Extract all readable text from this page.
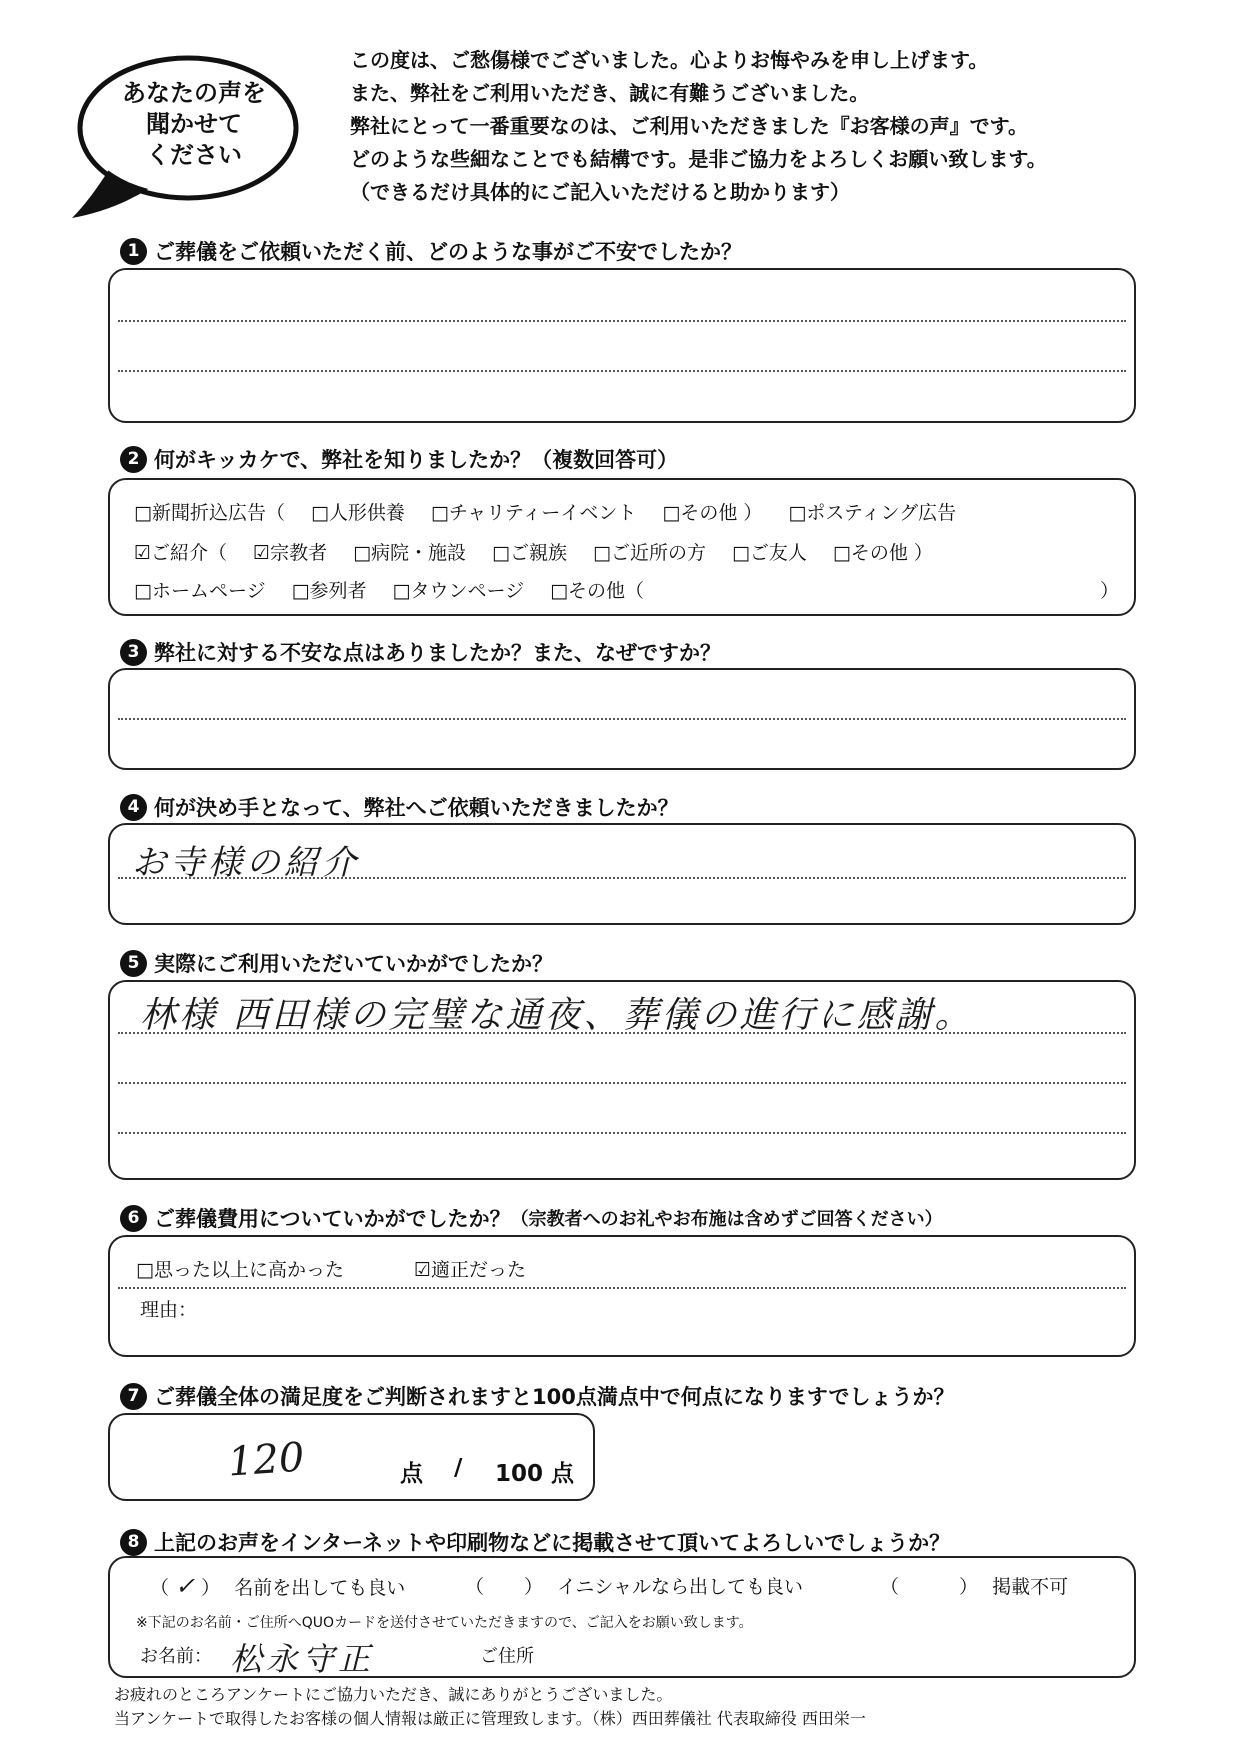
あなたの声を
聞かせて
ください
この度は、ご愁傷様でございました。心よりお悔やみを申し上げます。
また、弊社をご利用いただき、誠に有難うございました。
弊社にとって一番重要なのは、ご利用いただきました『お客様の声』です。
どのような些細なことでも結構です。是非ご協力をよろしくお願い致します。
（できるだけ具体的にご記入いただけると助かります）
1 ご葬儀をご依頼いただく前、どのような事がご不安でしたか？
2 何がキッカケで、弊社を知りましたか？（複数回答可）
□新聞折込広告（ □人形供養 □チャリティーイベント □その他 ） □ポスティング広告
☑ご紹介（ ☑宗教者 □病院・施設 □ご親族 □ご近所の方 □ご友人 □その他 ）
□ホームページ □参列者 □タウンページ □その他（	）
3 弊社に対する不安な点はありましたか？また、なぜですか？
4 何が決め手となって、弊社へご依頼いただきましたか？
お寺様の紹介
5 実際にご利用いただいていかがでしたか？
林様 西田様の完璧な通夜、葬儀の進行に感謝。
6 ご葬儀費用についていかがでしたか？ （宗教者へのお礼やお布施は含めずご回答ください）
□思った以上に高かった	☑適正だった
理由：
7 ご葬儀全体の満足度をご判断されますと100点満点中で何点になりますでしょうか？
120	点 / 100 点
8 上記のお声をインターネットや印刷物などに掲載させて頂いてよろしいでしょうか？
（ ✓ ） 名前を出しても良い	（ ） イニシャルなら出しても良い	（	） 掲載不可
※下記のお名前・ご住所へQUOカードを送付させていただきますので、ご記入をお願い致します。
お名前： 松永守正	ご住所
お疲れのところアンケートにご協力いただき、誠にありがとうございました。
当アンケートで取得したお客様の個人情報は厳正に管理致します。（株）西田葬儀社 代表取締役 西田栄一
